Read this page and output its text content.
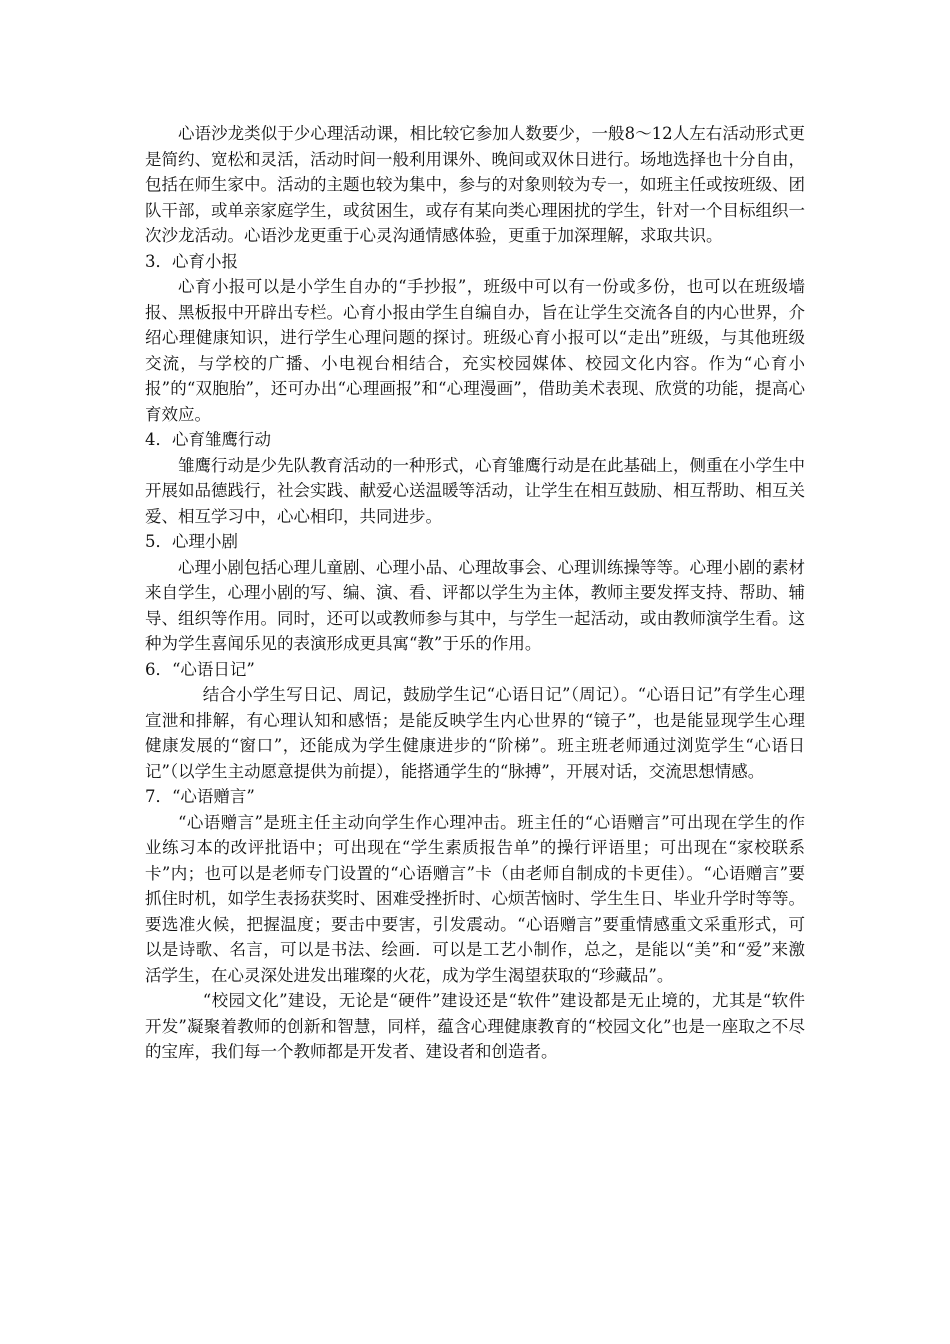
心语沙龙类似于少心理活动课，相比较它参加人数要少，一般8～12人左右活动形式更是简约、宽松和灵活，活动时间一般利用课外、晚间或双休日进行。场地选择也十分自由，包括在师生家中。活动的主题也较为集中，参与的对象则较为专一，如班主任或按班级、团队干部，或单亲家庭学生，或贫困生，或存有某向类心理困扰的学生，针对一个目标组织一次沙龙活动。心语沙龙更重于心灵沟通情感体验，更重于加深理解，求取共识。

3．心育小报

心育小报可以是小学生自办的“手抄报”，班级中可以有一份或多份，也可以在班级墙报、黑板报中开辟出专栏。心育小报由学生自编自办，旨在让学生交流各自的内心世界，介绍心理健康知识，进行学生心理问题的探讨。班级心育小报可以“走出”班级，与其他班级交流，与学校的广播、小电视台相结合，充实校园媒体、校园文化内容。作为“心育小报”的“双胞胎”，还可办出“心理画报”和“心理漫画”，借助美术表现、欣赏的功能，提高心育效应。

4．心育雏鹰行动

雏鹰行动是少先队教育活动的一种形式，心育雏鹰行动是在此基础上，侧重在小学生中开展如品德践行，社会实践、献爱心送温暖等活动，让学生在相互鼓励、相互帮助、相互关爱、相互学习中，心心相印，共同进步。

5．心理小剧

心理小剧包括心理儿童剧、心理小品、心理故事会、心理训练操等等。心理小剧的素材来自学生，心理小剧的写、编、演、看、评都以学生为主体，教师主要发挥支持、帮助、辅导、组织等作用。同时，还可以或教师参与其中，与学生一起活动，或由教师演学生看。这种为学生喜闻乐见的表演形成更具寓“教”于乐的作用。

6．“心语日记”

结合小学生写日记、周记，鼓励学生记“心语日记”（周记）。“心语日记”有学生心理宣泄和排解，有心理认知和感悟；是能反映学生内心世界的“镜子”，也是能显现学生心理健康发展的“窗口”，还能成为学生健康进步的“阶梯”。班主班老师通过浏览学生“心语日记”（以学生主动愿意提供为前提），能搭通学生的“脉搏”，开展对话，交流思想情感。

7．“心语赠言”

“心语赠言”是班主任主动向学生作心理冲击。班主任的“心语赠言”可出现在学生的作业练习本的改评批语中；可出现在“学生素质报告单”的操行评语里；可出现在“家校联系卡”内；也可以是老师专门设置的“心语赠言”卡（由老师自制成的卡更佳）。“心语赠言”要抓住时机，如学生表扬获奖时、困难受挫折时、心烦苦恼时、学生生日、毕业升学时等等。要选准火候，把握温度；要击中要害，引发震动。“心语赠言”要重情感重文采重形式，可以是诗歌、名言，可以是书法、绘画．可以是工艺小制作，总之，是能以“美”和“爱”来激活学生，在心灵深处进发出璀璨的火花，成为学生渴望获取的“珍藏品”。

“校园文化”建设，无论是“硬件”建设还是“软件”建设都是无止境的，尤其是“软件开发”凝聚着教师的创新和智慧，同样，蕴含心理健康教育的“校园文化”也是一座取之不尽的宝库，我们每一个教师都是开发者、建设者和创造者。
